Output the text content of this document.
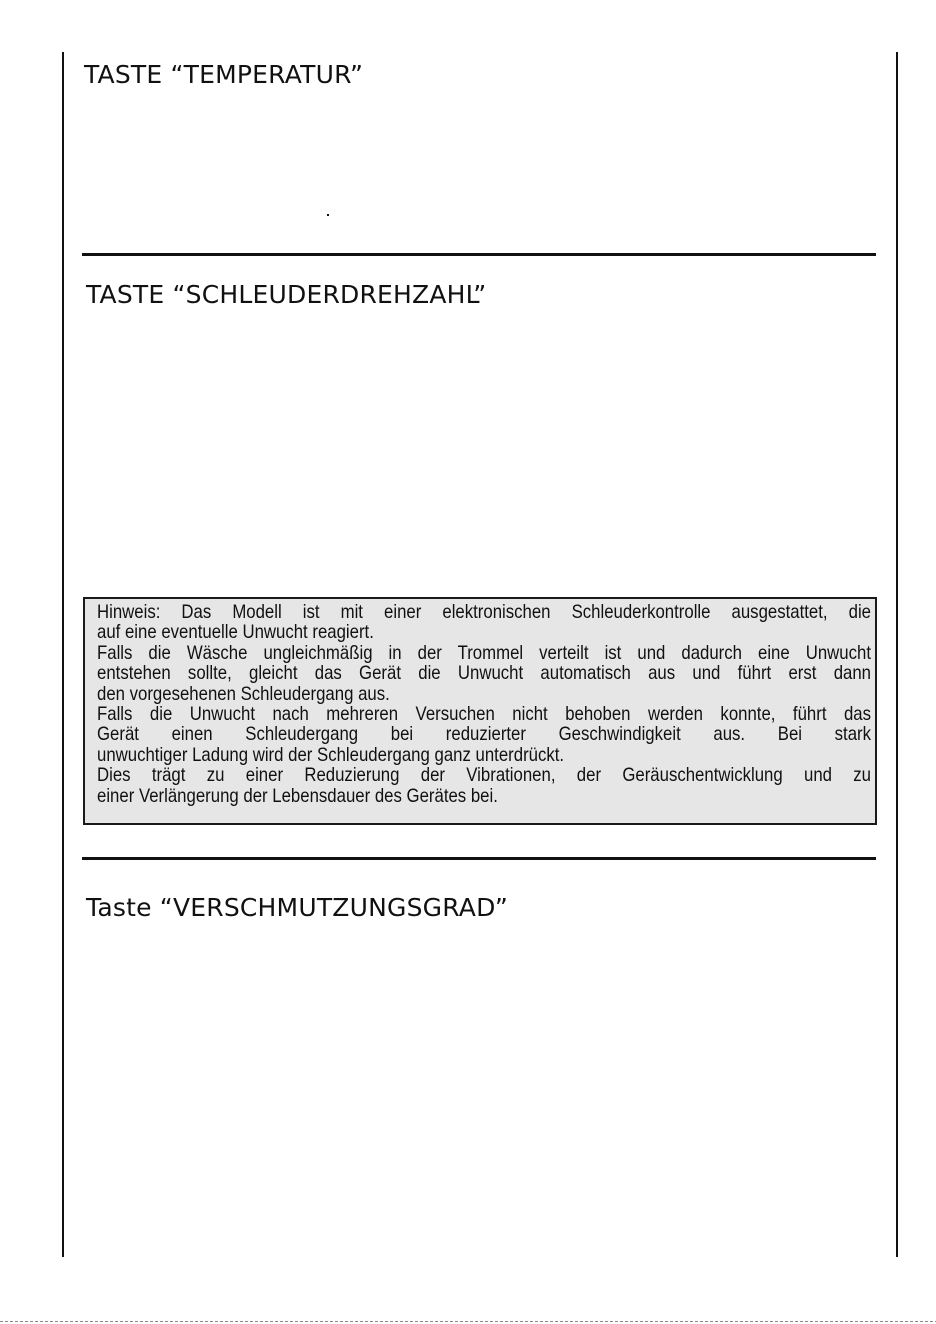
TASTE “TEMPERATUR”
TASTE “SCHLEUDERDREHZAHL”
Hinweis: Das Modell ist mit einer elektronischen Schleuderkontrolle ausgestattet, die
auf eine eventuelle Unwucht reagiert.
Falls die Wäsche ungleichmäßig in der Trommel verteilt ist und dadurch eine Unwucht
entstehen sollte, gleicht das Gerät die Unwucht automatisch aus und führt erst dann
den vorgesehenen Schleudergang aus.
Falls die Unwucht nach mehreren Versuchen nicht behoben werden konnte, führt das
Gerät einen Schleudergang bei reduzierter Geschwindigkeit aus. Bei stark
unwuchtiger Ladung wird der Schleudergang ganz unterdrückt.
Dies trägt zu einer Reduzierung der Vibrationen, der Geräuschentwicklung und zu
einer Verlängerung der Lebensdauer des Gerätes bei.
Taste “VERSCHMUTZUNGSGRAD”
